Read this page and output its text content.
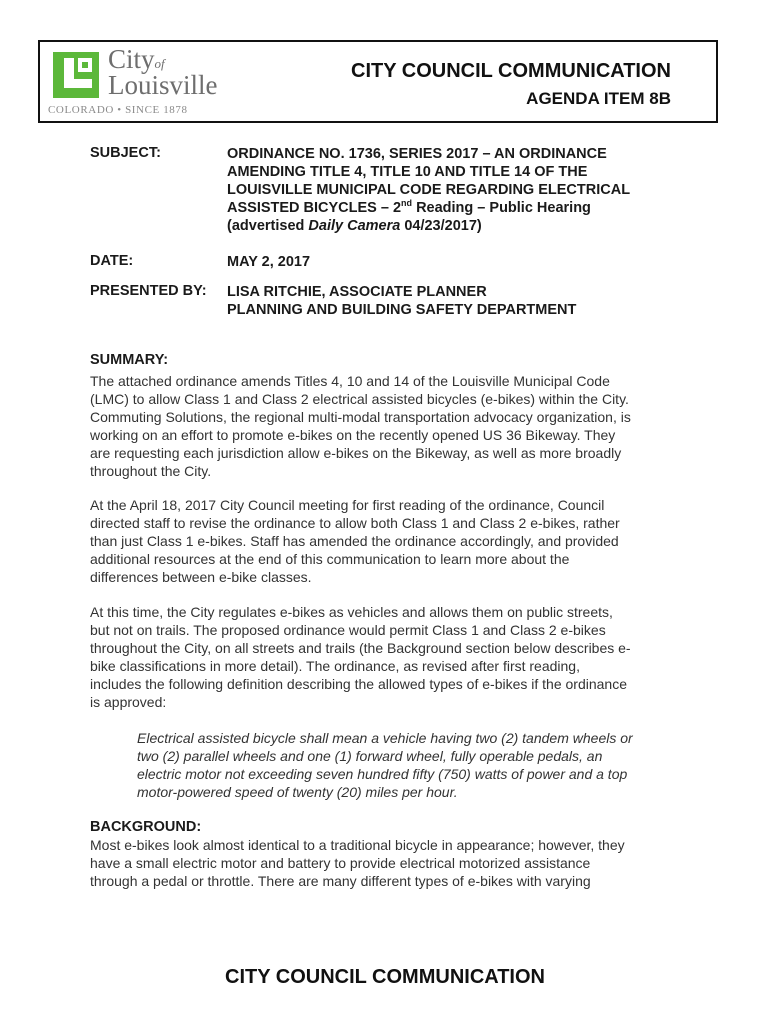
Cityof
Louisville
COLORADO • SINCE 1878
CITY COUNCIL COMMUNICATION
AGENDA ITEM 8B
SUBJECT:	ORDINANCE NO. 1736, SERIES 2017 – AN ORDINANCE
AMENDING TITLE 4, TITLE 10 AND TITLE 14 OF THE
LOUISVILLE MUNICIPAL CODE REGARDING ELECTRICAL
ASSISTED BICYCLES – 2nd Reading – Public Hearing
(advertised Daily Camera 04/23/2017)
DATE:	MAY 2, 2017
PRESENTED BY: LISA RITCHIE, ASSOCIATE PLANNER
PLANNING AND BUILDING SAFETY DEPARTMENT
SUMMARY:
The attached ordinance amends Titles 4, 10 and 14 of the Louisville Municipal Code
(LMC) to allow Class 1 and Class 2 electrical assisted bicycles (e-bikes) within the City.
Commuting Solutions, the regional multi-modal transportation advocacy organization, is
working on an effort to promote e-bikes on the recently opened US 36 Bikeway. They
are requesting each jurisdiction allow e-bikes on the Bikeway, as well as more broadly
throughout the City.
At the April 18, 2017 City Council meeting for first reading of the ordinance, Council
directed staff to revise the ordinance to allow both Class 1 and Class 2 e-bikes, rather
than just Class 1 e-bikes. Staff has amended the ordinance accordingly, and provided
additional resources at the end of this communication to learn more about the
differences between e-bike classes.
At this time, the City regulates e-bikes as vehicles and allows them on public streets,
but not on trails. The proposed ordinance would permit Class 1 and Class 2 e-bikes
throughout the City, on all streets and trails (the Background section below describes e-
bike classifications in more detail). The ordinance, as revised after first reading,
includes the following definition describing the allowed types of e-bikes if the ordinance
is approved:
Electrical assisted bicycle shall mean a vehicle having two (2) tandem wheels or
two (2) parallel wheels and one (1) forward wheel, fully operable pedals, an
electric motor not exceeding seven hundred fifty (750) watts of power and a top
motor-powered speed of twenty (20) miles per hour.
BACKGROUND:
Most e-bikes look almost identical to a traditional bicycle in appearance; however, they
have a small electric motor and battery to provide electrical motorized assistance
through a pedal or throttle. There are many different types of e-bikes with varying
CITY COUNCIL COMMUNICATION
